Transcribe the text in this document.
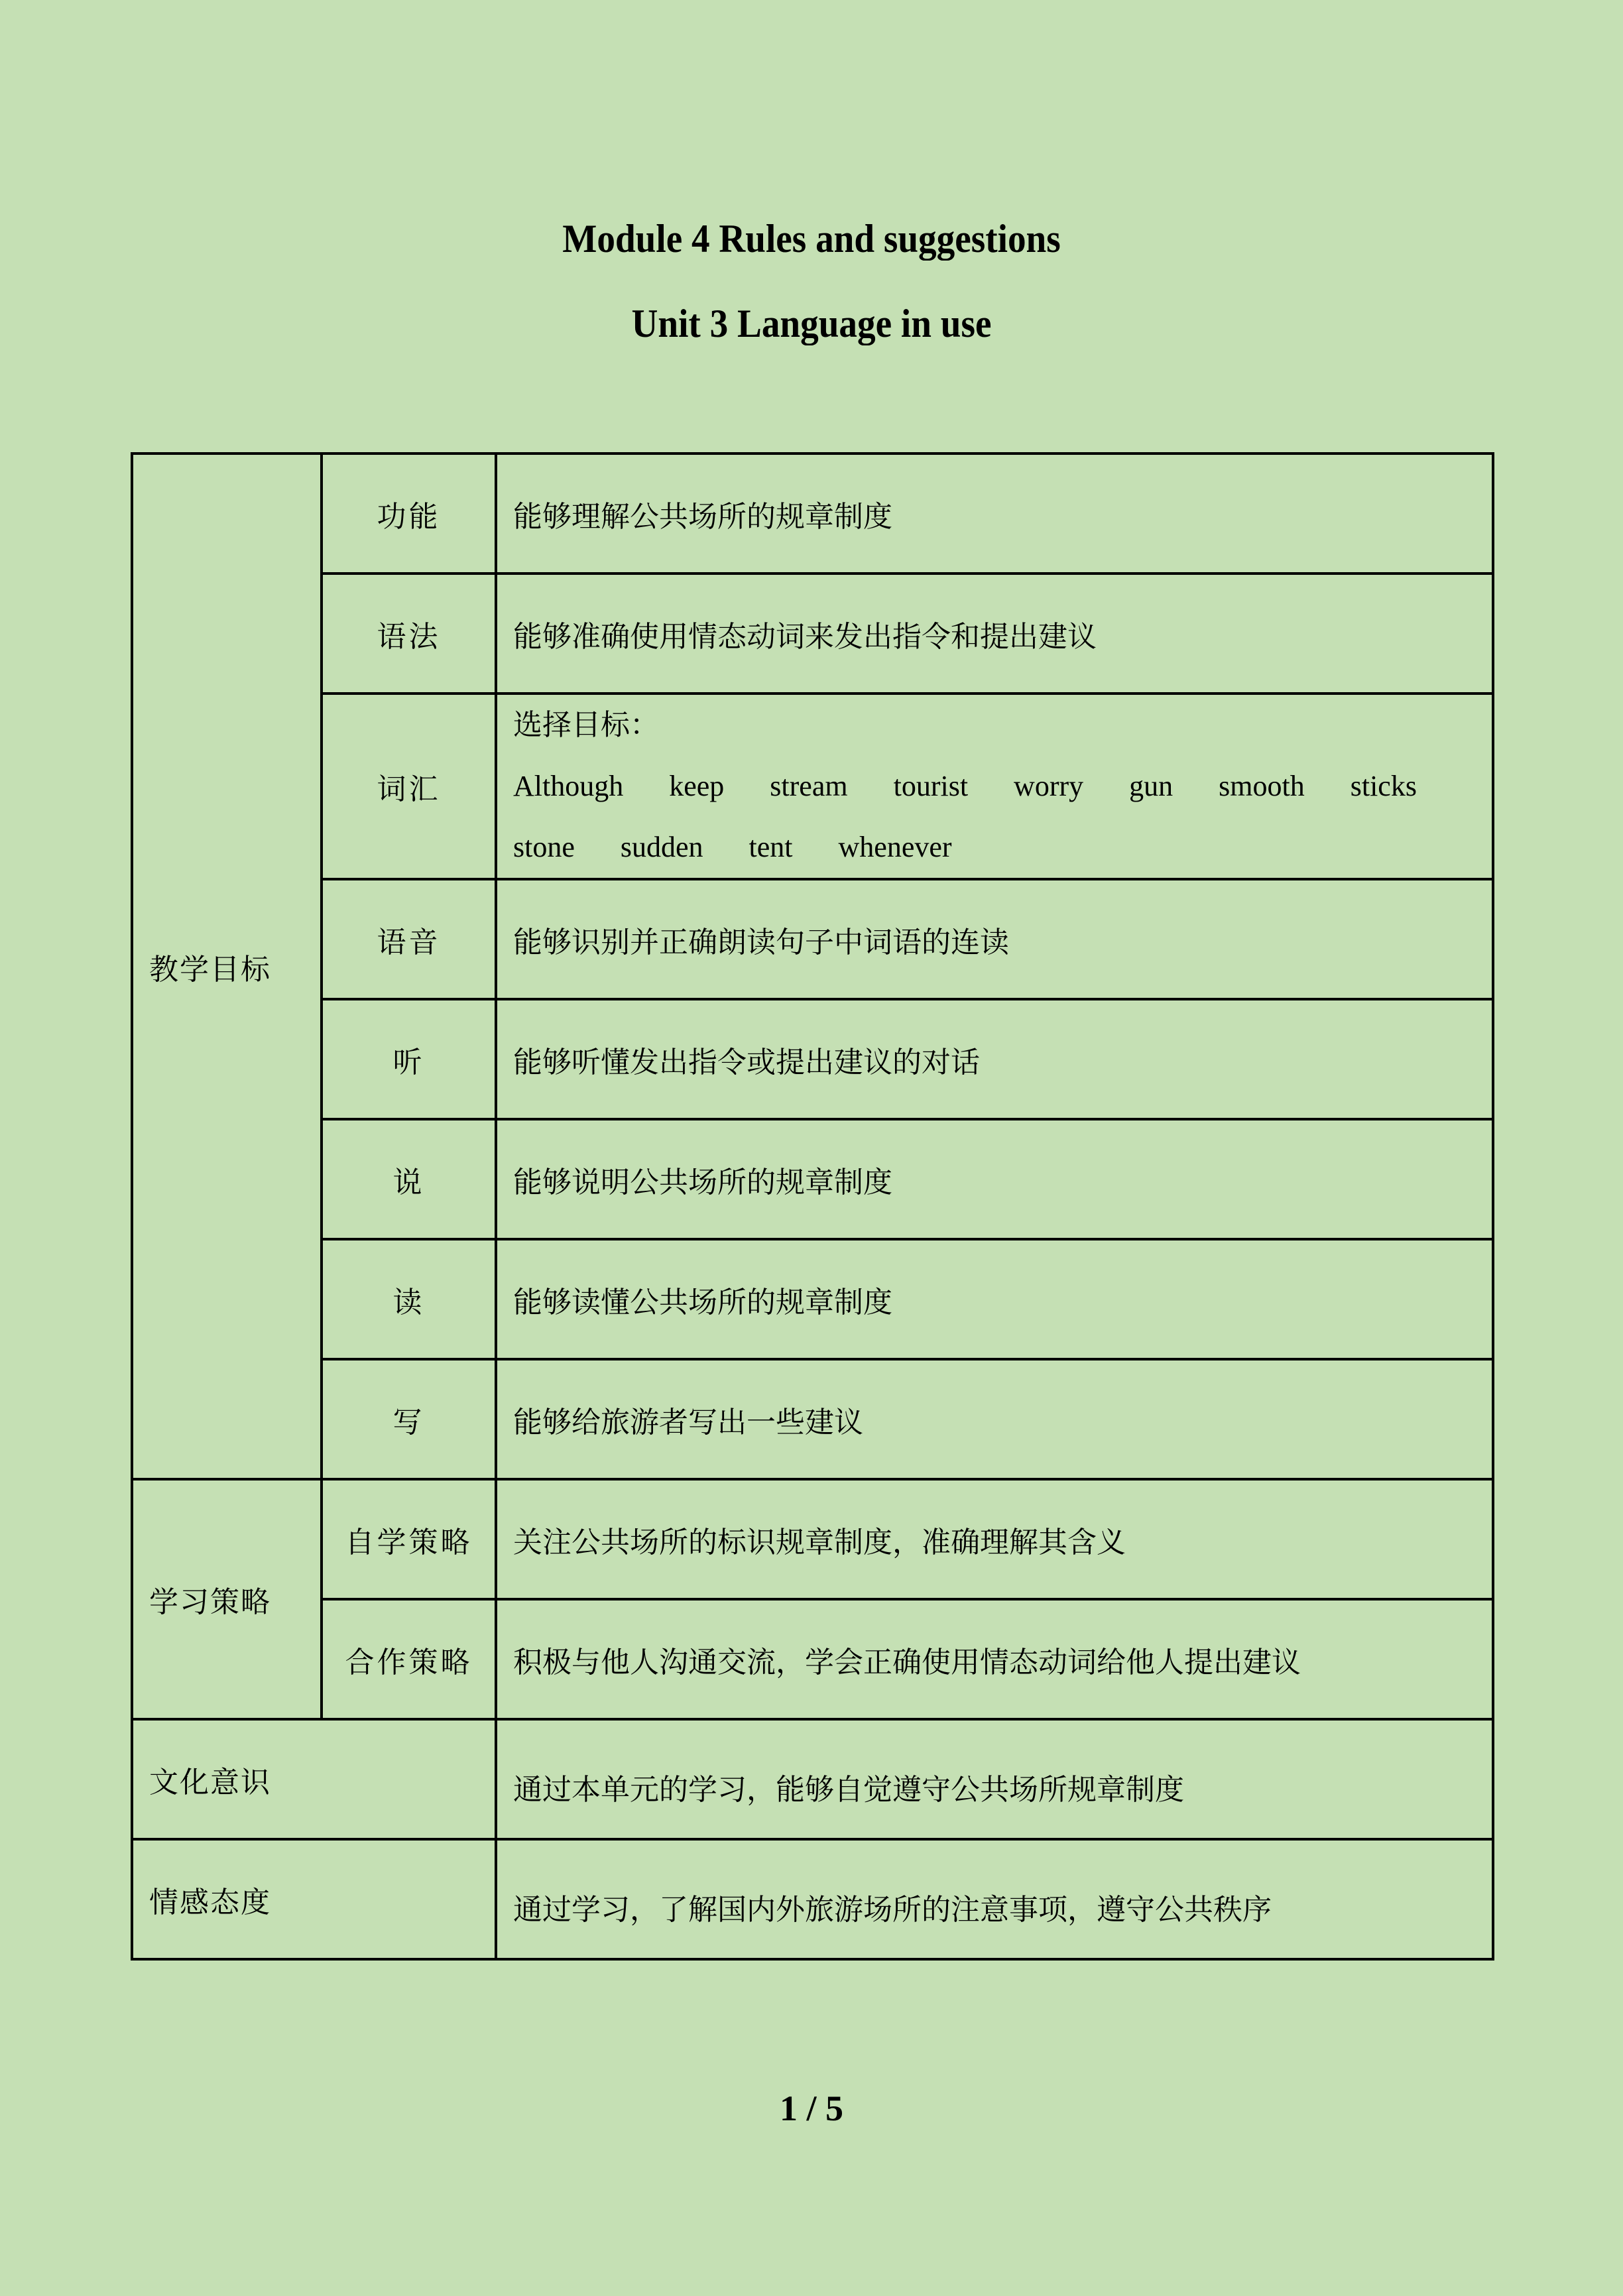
Module 4 Rules and suggestions
Unit 3 Language in use
教学目标	功能	能够理解公共场所的规章制度
	语法	能够准确使用情态动词来发出指令和提出建议
	词汇	选择目标：
Although keep stream tourist worry gun smooth sticks
stone sudden tent whenever

	语音	能够识别并正确朗读句子中词语的连读
	听	能够听懂发出指令或提出建议的对话
	说	能够说明公共场所的规章制度
	读	能够读懂公共场所的规章制度
	写	能够给旅游者写出一些建议
学习策略	自学策略	关注公共场所的标识规章制度，准确理解其含义
	合作策略	积极与他人沟通交流，学会正确使用情态动词给他人提出建议
文化意识		通过本单元的学习，能够自觉遵守公共场所规章制度
情感态度		通过学习，了解国内外旅游场所的注意事项，遵守公共秩序
1 / 5
